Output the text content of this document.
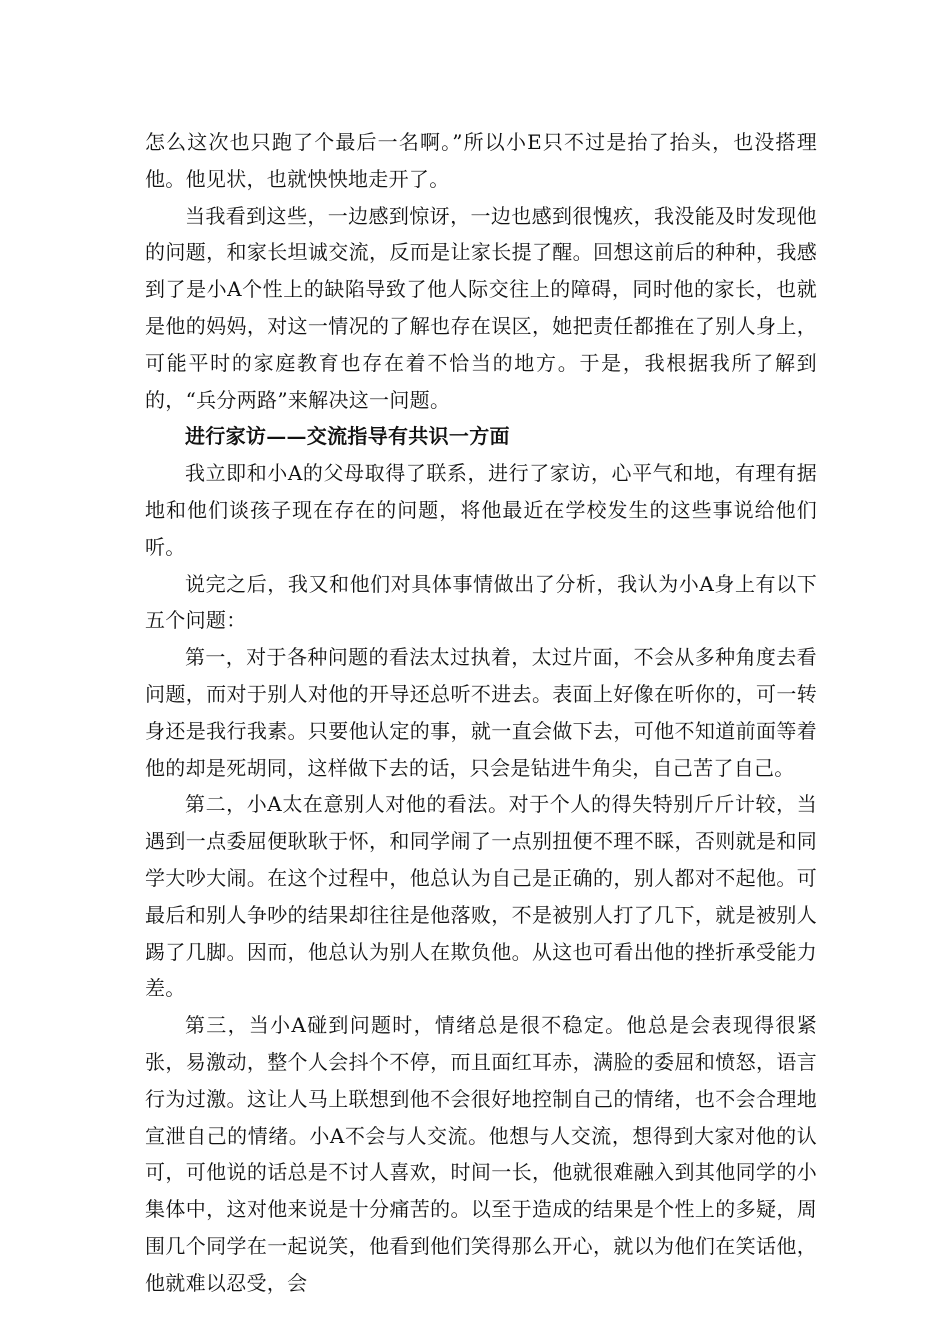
怎么这次也只跑了个最后一名啊。”所以小E只不过是抬了抬头，也没搭理他。他见状，也就怏怏地走开了。

当我看到这些，一边感到惊讶，一边也感到很愧疚，我没能及时发现他的问题，和家长坦诚交流，反而是让家长提了醒。回想这前后的种种，我感到了是小A个性上的缺陷导致了他人际交往上的障碍，同时他的家长，也就是他的妈妈，对这一情况的了解也存在误区，她把责任都推在了别人身上，可能平时的家庭教育也存在着不恰当的地方。于是，我根据我所了解到的，“兵分两路”来解决这一问题。

进行家访——交流指导有共识一方面

我立即和小A的父母取得了联系，进行了家访，心平气和地，有理有据地和他们谈孩子现在存在的问题，将他最近在学校发生的这些事说给他们听。

说完之后，我又和他们对具体事情做出了分析，我认为小A身上有以下五个问题：

第一，对于各种问题的看法太过执着，太过片面，不会从多种角度去看问题，而对于别人对他的开导还总听不进去。表面上好像在听你的，可一转身还是我行我素。只要他认定的事，就一直会做下去，可他不知道前面等着他的却是死胡同，这样做下去的话，只会是钻进牛角尖，自己苦了自己。

第二，小A太在意别人对他的看法。对于个人的得失特别斤斤计较，当遇到一点委屈便耿耿于怀，和同学闹了一点别扭便不理不睬，否则就是和同学大吵大闹。在这个过程中，他总认为自己是正确的，别人都对不起他。可最后和别人争吵的结果却往往是他落败，不是被别人打了几下，就是被别人踢了几脚。因而，他总认为别人在欺负他。从这也可看出他的挫折承受能力差。

第三，当小A碰到问题时，情绪总是很不稳定。他总是会表现得很紧张，易激动，整个人会抖个不停，而且面红耳赤，满脸的委屈和愤怒，语言行为过激。这让人马上联想到他不会很好地控制自己的情绪，也不会合理地宣泄自己的情绪。小A不会与人交流。他想与人交流，想得到大家对他的认可，可他说的话总是不讨人喜欢，时间一长，他就很难融入到其他同学的小集体中，这对他来说是十分痛苦的。以至于造成的结果是个性上的多疑，周围几个同学在一起说笑，他看到他们笑得那么开心，就以为他们在笑话他，他就难以忍受，会
